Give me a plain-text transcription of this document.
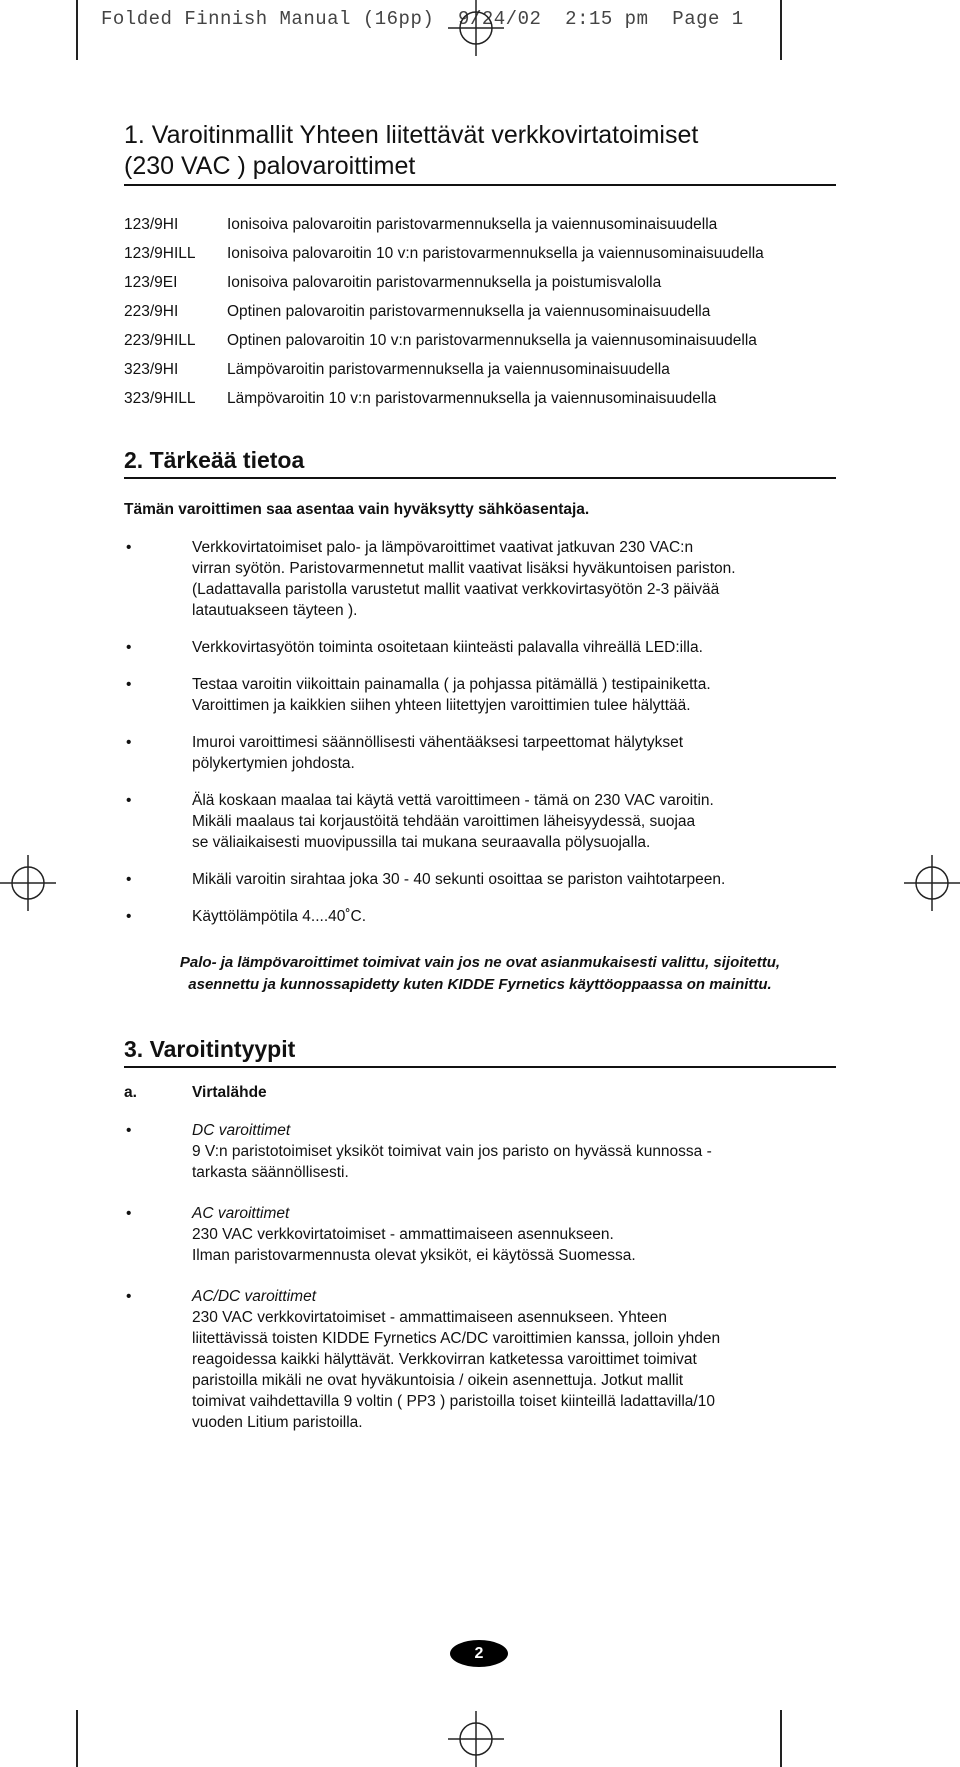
Folded Finnish Manual (16pp)  9/24/02  2:15 pm  Page 1
1. Varoitinmallit Yhteen liitettävät verkkovirtatoimiset
(230 VAC ) palovaroittimet
123/9HI	Ionisoiva palovaroitin paristovarmennuksella ja vaiennusominaisuudella
123/9HILL	Ionisoiva palovaroitin 10 v:n paristovarmennuksella ja vaiennusominaisuudella
123/9EI	Ionisoiva palovaroitin paristovarmennuksella ja poistumisvalolla
223/9HI	Optinen palovaroitin paristovarmennuksella ja vaiennusominaisuudella
223/9HILL	Optinen palovaroitin 10 v:n paristovarmennuksella ja vaiennusominaisuudella
323/9HI	Lämpövaroitin paristovarmennuksella ja vaiennusominaisuudella
323/9HILL	Lämpövaroitin 10 v:n paristovarmennuksella ja vaiennusominaisuudella
2. Tärkeää tietoa
Tämän varoittimen saa asentaa vain hyväksytty sähköasentaja.
•	Verkkovirtatoimiset palo- ja lämpövaroittimet vaativat jatkuvan 230 VAC:n
virran syötön. Paristovarmennetut mallit vaativat lisäksi hyväkuntoisen pariston.
(Ladattavalla paristolla varustetut mallit vaativat verkkovirtasyötön 2-3 päivää
latautuakseen täyteen ).
•	Verkkovirtasyötön toiminta osoitetaan kiinteästi palavalla vihreällä LED:illa.
•	Testaa varoitin viikoittain painamalla ( ja pohjassa pitämällä ) testipainiketta.
Varoittimen ja kaikkien siihen yhteen liitettyjen varoittimien tulee hälyttää.
•	Imuroi varoittimesi säännöllisesti vähentääksesi tarpeettomat hälytykset
pölykertymien johdosta.
•	Älä koskaan maalaa tai käytä vettä varoittimeen - tämä on 230 VAC varoitin.
Mikäli maalaus tai korjaustöitä tehdään varoittimen läheisyydessä, suojaa
se väliaikaisesti muovipussilla tai mukana seuraavalla pölysuojalla.
•	Mikäli varoitin sirahtaa joka 30 - 40 sekunti osoittaa se pariston vaihtotarpeen.
•	Käyttölämpötila 4....40˚C.
Palo- ja lämpövaroittimet toimivat vain jos ne ovat asianmukaisesti valittu, sijoitettu,
asennettu ja kunnossapidetty kuten KIDDE Fyrnetics käyttöoppaassa on mainittu.
3. Varoitintyypit
a.	Virtalähde
•	DC varoittimet
9 V:n paristotoimiset yksiköt toimivat vain jos paristo on hyvässä kunnossa -
tarkasta säännöllisesti.
•	AC varoittimet
230 VAC verkkovirtatoimiset - ammattimaiseen asennukseen.
Ilman paristovarmennusta olevat yksiköt, ei käytössä Suomessa.
•	AC/DC varoittimet
230 VAC verkkovirtatoimiset - ammattimaiseen asennukseen. Yhteen
liitettävissä toisten KIDDE Fyrnetics AC/DC varoittimien kanssa, jolloin yhden
reagoidessa kaikki hälyttävät. Verkkovirran katketessa varoittimet toimivat
paristoilla mikäli ne ovat hyväkuntoisia / oikein asennettuja. Jotkut mallit
toimivat vaihdettavilla 9 voltin ( PP3 ) paristoilla toiset kiinteillä ladattavilla/10
vuoden Litium paristoilla.
2
